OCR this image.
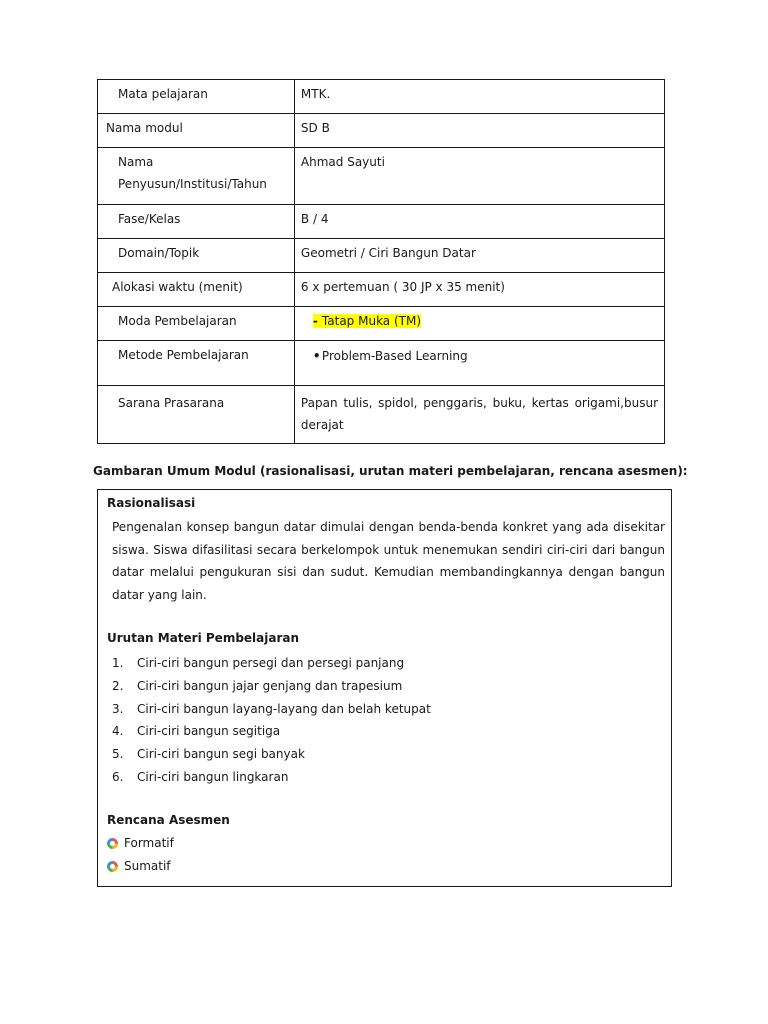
Mata pelajaran	MTK.
Nama modul	SD B
Nama
Penyusun/Institusi/Tahun	Ahmad Sayuti
Fase/Kelas	B / 4
Domain/Topik	Geometri / Ciri Bangun Datar
Alokasi waktu (menit)	6 x pertemuan ( 30 JP x 35 menit)
Moda Pembelajaran	- Tatap Muka (TM)
Metode Pembelajaran	•Problem-Based Learning
Sarana Prasarana	Papan tulis, spidol, penggaris, buku, kertas origami,busur derajat
Gambaran Umum Modul (rasionalisasi, urutan materi pembelajaran, rencana asesmen):
Rasionalisasi
Pengenalan konsep bangun datar dimulai dengan benda-benda konkret yang ada disekitar siswa. Siswa difasilitasi secara berkelompok untuk menemukan sendiri ciri-ciri dari bangun datar melalui pengukuran sisi dan sudut. Kemudian membandingkannya dengan bangun datar yang lain.
Urutan Materi Pembelajaran
1. Ciri-ciri bangun persegi dan persegi panjang
2. Ciri-ciri bangun jajar genjang dan trapesium
3. Ciri-ciri bangun layang-layang dan belah ketupat
4. Ciri-ciri bangun segitiga
5. Ciri-ciri bangun segi banyak
6. Ciri-ciri bangun lingkaran
Rencana Asesmen
Formatif
Sumatif
